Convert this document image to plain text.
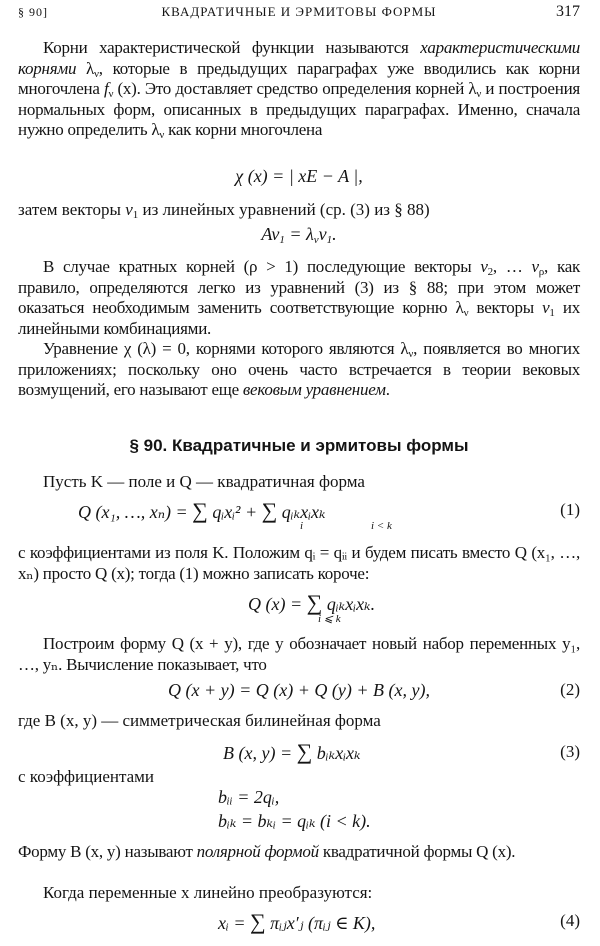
§ 90]	КВАДРАТИЧНЫЕ И ЭРМИТОВЫ ФОРМЫ	317

Корни характеристической функции называются характеристическими корнями $\lambda_\nu$, которые в предыдущих параграфах уже вводились как корни многочлена $f_\nu$ (x). Это доставляет средство определения корней $\lambda_\nu$ и построения нормальных форм, описанных в предыдущих параграфах. Именно, сначала нужно определить $\lambda_\nu$ как корни многочлена

χ (x) = | xE − A |,

затем векторы $v_1$ из линейных уравнений (ср. (3) из § 88)

$Av_1 = \lambda_\nu v_1$.

В случае кратных корней (ρ > 1) последующие векторы $v_2$, … $v_\rho$, как правило, определяются легко из уравнений (3) из § 88; при этом может оказаться необходимым заменить соответствующие корню $\lambda_\nu$ векторы $v_1$ их линейными комбинациями.

Уравнение χ (λ) = 0, корнями которого являются $\lambda_\nu$, появляется во многих приложениях; поскольку оно очень часто встречается в теории вековых возмущений, его называют еще вековым уравнением.

§ 90. Квадратичные и эрмитовы формы

Пусть K — поле и Q — квадратичная форма

Q (x₁, …, xₙ) = ∑ qᵢxᵢ² + ∑ qᵢₖxᵢxₖ
i	i < k
(1)

с коэффициентами из поля K. Положим qᵢ = qᵢᵢ и будем писать вместо Q (x₁, …, xₙ) просто Q (x); тогда (1) можно записать короче:

Q (x) = ∑ qᵢₖxᵢxₖ.
i ⩽ k

Построим форму Q (x + y), где y обозначает новый набор переменных y₁, …, yₙ. Вычисление показывает, что

Q (x + y) = Q (x) + Q (y) + B (x, y),	(2)

где B (x, y) — симметрическая билинейная форма

B (x, y) = ∑ bᵢₖxᵢxₖ	(3)

с коэффициентами

bᵢᵢ = 2qᵢ,
bᵢₖ = bₖᵢ = qᵢₖ (i < k).

Форму B (x, y) называют полярной формой квадратичной формы Q (x).

Когда переменные x линейно преобразуются:

xᵢ = ∑ πᵢⱼx′ⱼ (πᵢⱼ ∈ K),	(4)
